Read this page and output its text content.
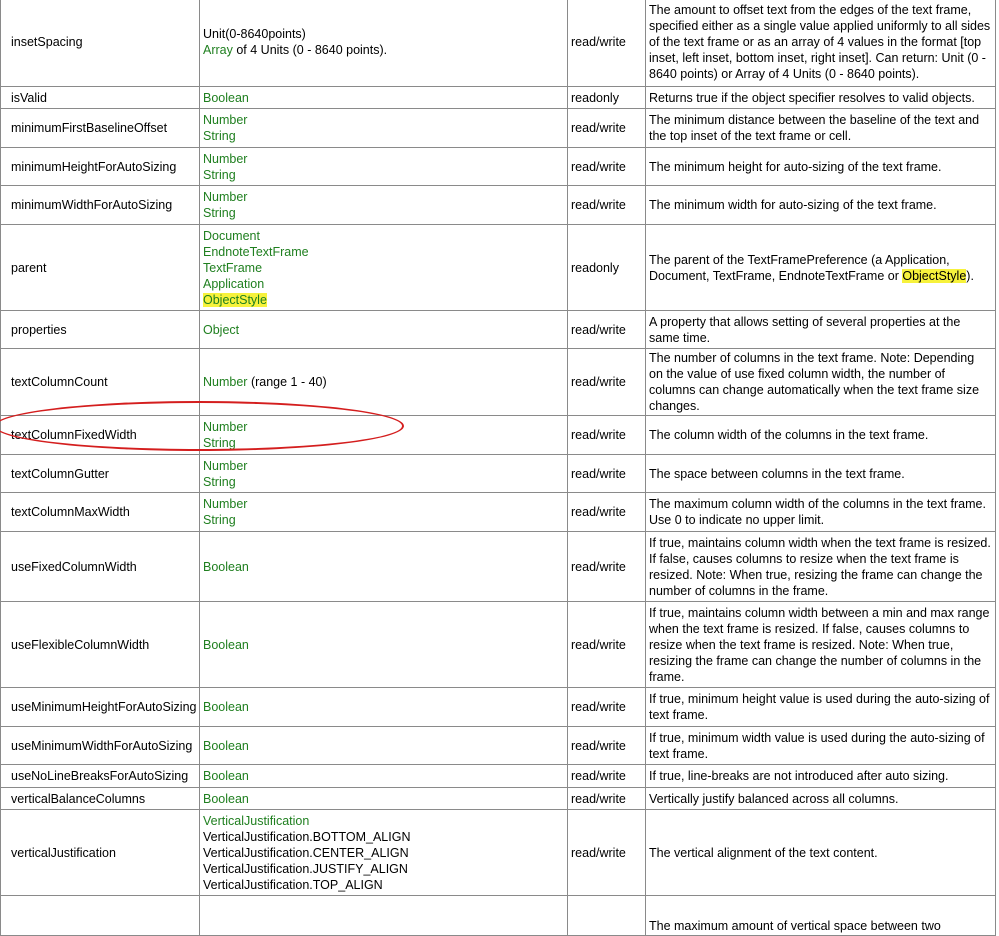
insetSpacing	Unit(0-8640points)
Array of 4 Units (0 - 8640 points).	read/write	The amount to offset text from the edges of the text frame, specified either as a single value applied uniformly to all sides of the text frame or as an array of 4 values in the format [top inset, left inset, bottom inset, right inset]. Can return: Unit (0 - 8640 points) or Array of 4 Units (0 - 8640 points).
isValid	Boolean	readonly	Returns true if the object specifier resolves to valid objects.
minimumFirstBaselineOffset	Number
String	read/write	The minimum distance between the baseline of the text and the top inset of the text frame or cell.
minimumHeightForAutoSizing	Number
String	read/write	The minimum height for auto-sizing of the text frame.
minimumWidthForAutoSizing	Number
String	read/write	The minimum width for auto-sizing of the text frame.
parent	Document
EndnoteTextFrame
TextFrame
Application
ObjectStyle	readonly	The parent of the TextFramePreference (a Application, Document, TextFrame, EndnoteTextFrame or ObjectStyle).
properties	Object	read/write	A property that allows setting of several properties at the same time.
textColumnCount	Number (range 1 - 40)	read/write	The number of columns in the text frame. Note: Depending on the value of use fixed column width, the number of columns can change automatically when the text frame size changes.
textColumnFixedWidth	Number
String	read/write	The column width of the columns in the text frame.
textColumnGutter	Number
String	read/write	The space between columns in the text frame.
textColumnMaxWidth	Number
String	read/write	The maximum column width of the columns in the text frame. Use 0 to indicate no upper limit.
useFixedColumnWidth	Boolean	read/write	If true, maintains column width when the text frame is resized. If false, causes columns to resize when the text frame is resized. Note: When true, resizing the frame can change the number of columns in the frame.
useFlexibleColumnWidth	Boolean	read/write	If true, maintains column width between a min and max range when the text frame is resized. If false, causes columns to resize when the text frame is resized. Note: When true, resizing the frame can change the number of columns in the frame.
useMinimumHeightForAutoSizing	Boolean	read/write	If true, minimum height value is used during the auto-sizing of text frame.
useMinimumWidthForAutoSizing	Boolean	read/write	If true, minimum width value is used during the auto-sizing of text frame.
useNoLineBreaksForAutoSizing	Boolean	read/write	If true, line-breaks are not introduced after auto sizing.
verticalBalanceColumns	Boolean	read/write	Vertically justify balanced across all columns.
verticalJustification	VerticalJustification
VerticalJustification.BOTTOM_ALIGN
VerticalJustification.CENTER_ALIGN
VerticalJustification.JUSTIFY_ALIGN
VerticalJustification.TOP_ALIGN	read/write	The vertical alignment of the text content.
			The maximum amount of vertical space between two
